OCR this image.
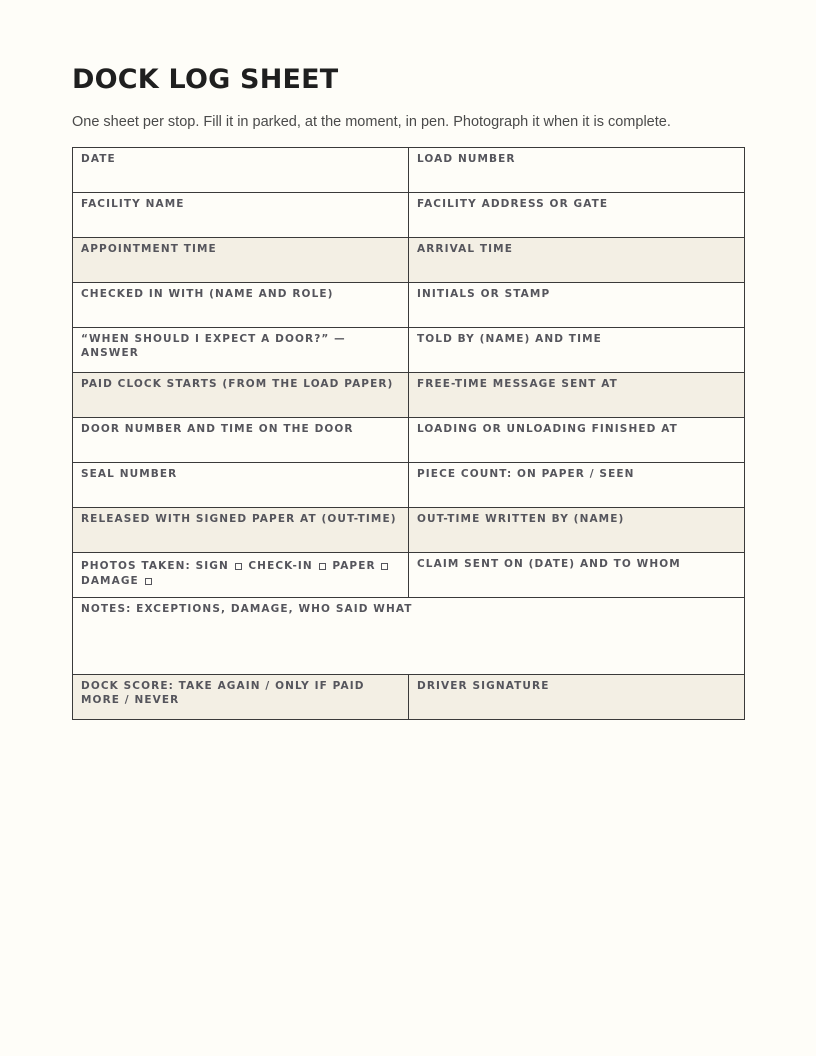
DOCK LOG SHEET

One sheet per stop. Fill it in parked, at the moment, in pen. Photograph it when it is complete.

DATE	LOAD NUMBER

FACILITY NAME	FACILITY ADDRESS OR GATE

APPOINTMENT TIME	ARRIVAL TIME

CHECKED IN WITH (NAME AND ROLE)	INITIALS OR STAMP

“WHEN SHOULD I EXPECT A DOOR?” — ANSWER	TOLD BY (NAME) AND TIME

PAID CLOCK STARTS (FROM THE LOAD PAPER)	FREE-TIME MESSAGE SENT AT

DOOR NUMBER AND TIME ON THE DOOR	LOADING OR UNLOADING FINISHED AT

SEAL NUMBER	PIECE COUNT: ON PAPER / SEEN

RELEASED WITH SIGNED PAPER AT (OUT-TIME)	OUT-TIME WRITTEN BY (NAME)

PHOTOS TAKEN: SIGN CHECK-IN PAPER  DAMAGE	CLAIM SENT ON (DATE) AND TO WHOM

NOTES: EXCEPTIONS, DAMAGE, WHO SAID WHAT	

DOCK SCORE: TAKE AGAIN / ONLY IF PAID MORE / NEVER	DRIVER SIGNATURE
